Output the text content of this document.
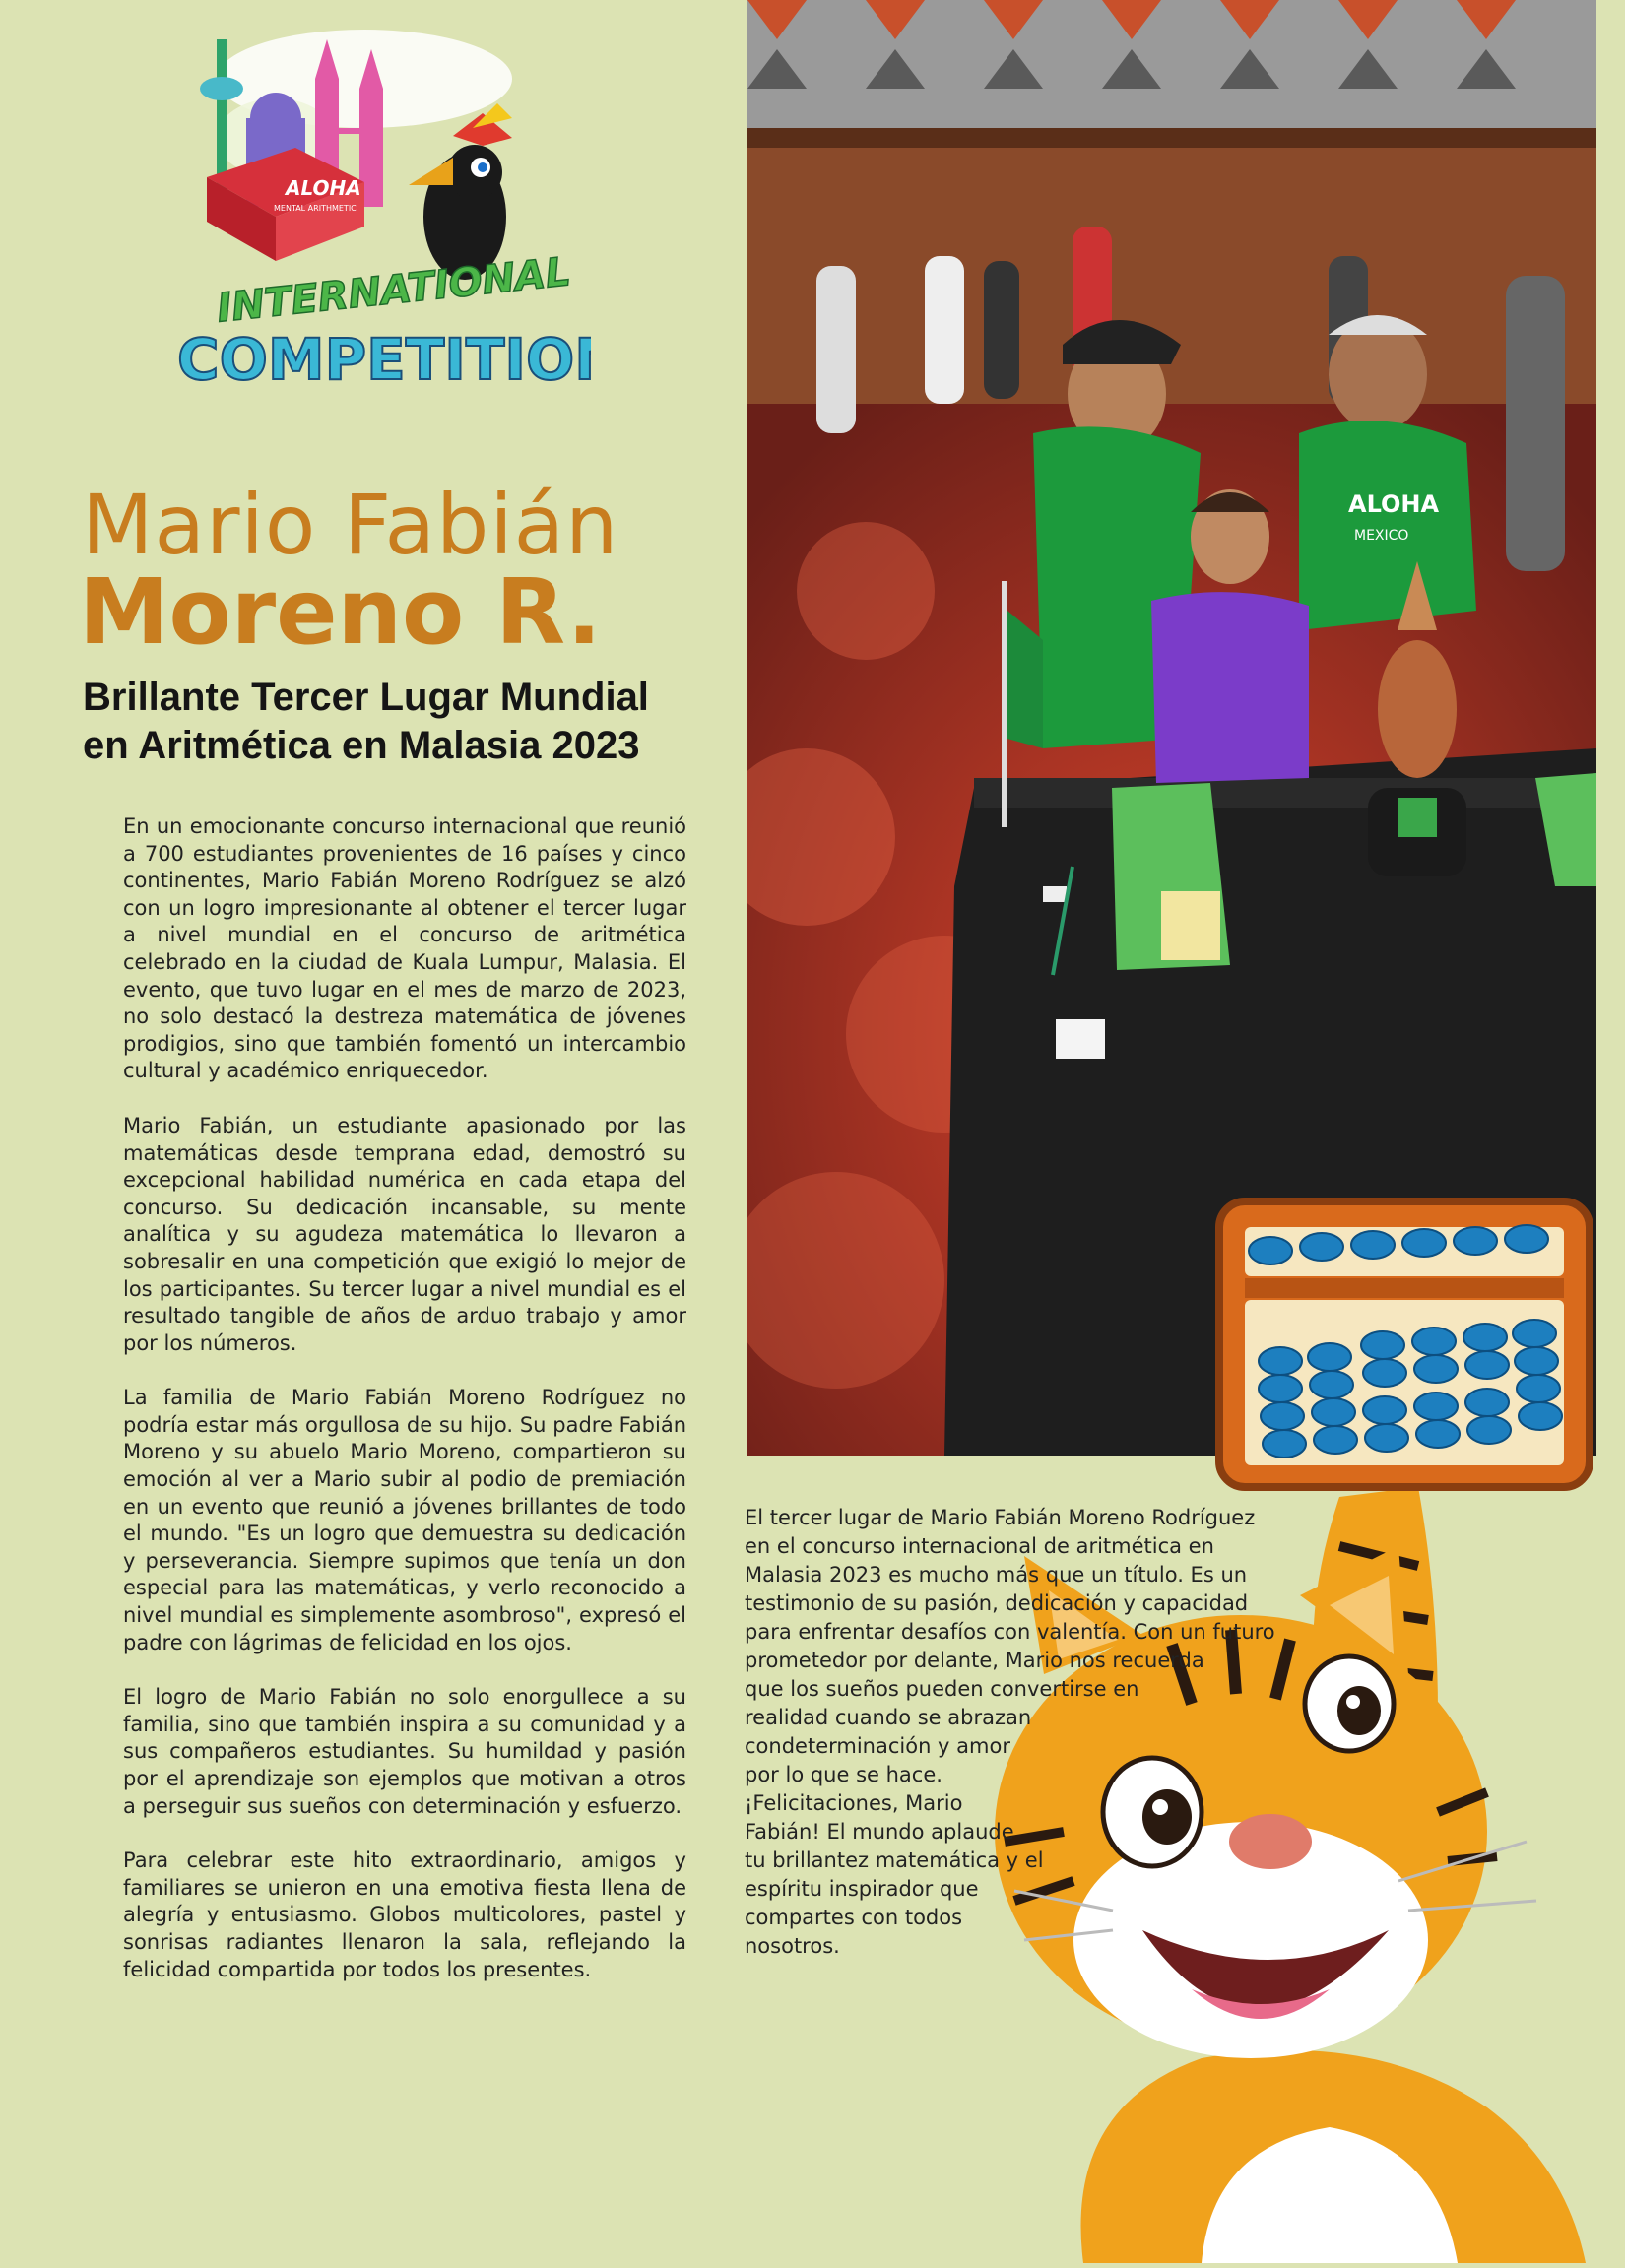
ALOHA
MENTAL ARITHMETIC
INTERNATIONAL
COMPETITION
Mario Fabián
Moreno R.
Brillante Tercer Lugar Mundial
en Aritmética en Malasia 2023

En un emocionante concurso internacional que reunió a 700 estudiantes provenientes de 16 países y cinco continentes, Mario Fabián Moreno Rodríguez se alzó con un logro impresionante al obtener el tercer lugar a nivel mundial en el concurso de aritmética celebrado en la ciudad de Kuala Lumpur, Malasia. El evento, que tuvo lugar en el mes de marzo de 2023, no solo destacó la destreza matemática de jóvenes prodigios, sino que también fomentó un intercambio cultural y académico enriquecedor.

Mario Fabián, un estudiante apasionado por las matemáticas desde temprana edad, demostró su excepcional habilidad numérica en cada etapa del concurso. Su dedicación incansable, su mente analítica y su agudeza matemática lo llevaron a sobresalir en una competición que exigió lo mejor de los participantes. Su tercer lugar a nivel mundial es el resultado tangible de años de arduo trabajo y amor por los números.

La familia de Mario Fabián Moreno Rodríguez no podría estar más orgullosa de su hijo. Su padre Fabián Moreno y su abuelo Mario Moreno, compartieron su emoción al ver a Mario subir al podio de premiación en un evento que reunió a jóvenes brillantes de todo el mundo. "Es un logro que demuestra su dedicación y perseverancia. Siempre supimos que tenía un don especial para las matemáticas, y verlo reconocido a nivel mundial es simplemente asombroso", expresó el padre con lágrimas de felicidad en los ojos.

El logro de Mario Fabián no solo enorgullece a su familia, sino que también inspira a su comunidad y a sus compañeros estudiantes. Su humildad y pasión por el aprendizaje son ejemplos que motivan a otros a perseguir sus sueños con determinación y esfuerzo.

Para celebrar este hito extraordinario, amigos y familiares se unieron en una emotiva fiesta llena de alegría y entusiasmo. Globos multicolores, pastel y sonrisas radiantes llenaron la sala, reflejando la felicidad compartida por todos los presentes.

ALOHA
MEXICO
El tercer lugar de Mario Fabián Moreno Rodríguez
en el concurso internacional de aritmética en
Malasia 2023 es mucho más que un título. Es un
testimonio de su pasión, dedicación y capacidad
para enfrentar desafíos con valentía. Con un futuro
prometedor por delante, Mario nos recuerda
que los sueños pueden convertirse en
realidad cuando se abrazan
condeterminación y amor
por lo que se hace.
¡Felicitaciones, Mario
Fabián! El mundo aplaude
tu brillantez matemática y el
espíritu inspirador que
compartes con todos
nosotros.
